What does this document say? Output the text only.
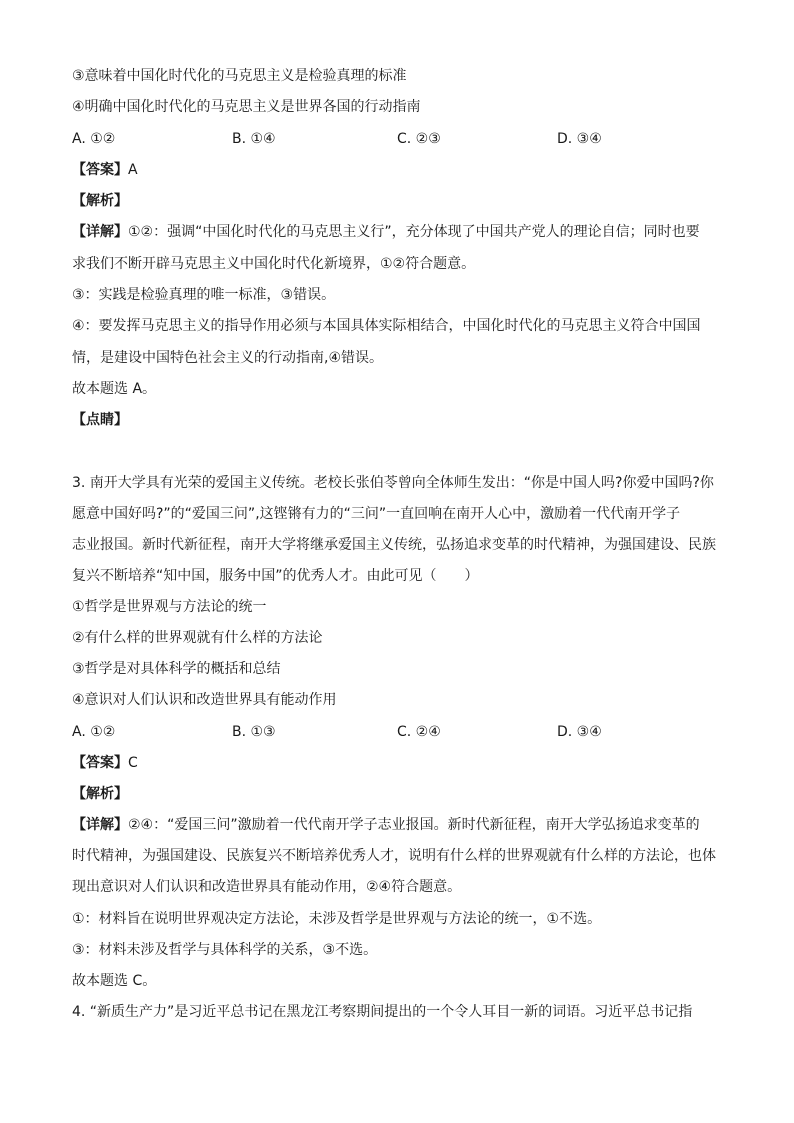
③意味着中国化时代化的马克思主义是检验真理的标准
④明确中国化时代化的马克思主义是世界各国的行动指南
A. ①②	B. ①④	C. ②③	D. ③④
【答案】A
【解析】
【详解】①②：强调“中国化时代化的马克思主义行”，充分体现了中国共产党人的理论自信；同时也要
求我们不断开辟马克思主义中国化时代化新境界，①②符合题意。
③：实践是检验真理的唯一标准，③错误。
④：要发挥马克思主义的指导作用必须与本国具体实际相结合，中国化时代化的马克思主义符合中国国
情，是建设中国特色社会主义的行动指南,④错误。
故本题选 A。
【点睛】
3. 南开大学具有光荣的爱国主义传统。老校长张伯苓曾向全体师生发出：“你是中国人吗?你爱中国吗?你
愿意中国好吗?”的“爱国三问”,这铿锵有力的“三问”一直回响在南开人心中，激励着一代代南开学子
志业报国。新时代新征程，南开大学将继承爱国主义传统，弘扬追求变革的时代精神，为强国建设、民族
复兴不断培养“知中国，服务中国”的优秀人才。由此可见（　　）
①哲学是世界观与方法论的统一
②有什么样的世界观就有什么样的方法论
③哲学是对具体科学的概括和总结
④意识对人们认识和改造世界具有能动作用
A. ①②	B. ①③	C. ②④	D. ③④
【答案】C
【解析】
【详解】②④：“爱国三问”激励着一代代南开学子志业报国。新时代新征程，南开大学弘扬追求变革的
时代精神，为强国建设、民族复兴不断培养优秀人才，说明有什么样的世界观就有什么样的方法论，也体
现出意识对人们认识和改造世界具有能动作用，②④符合题意。
①：材料旨在说明世界观决定方法论，未涉及哲学是世界观与方法论的统一，①不选。
③：材料未涉及哲学与具体科学的关系，③不选。
故本题选 C。
4. “新质生产力”是习近平总书记在黑龙江考察期间提出的一个令人耳目一新的词语。习近平总书记指
